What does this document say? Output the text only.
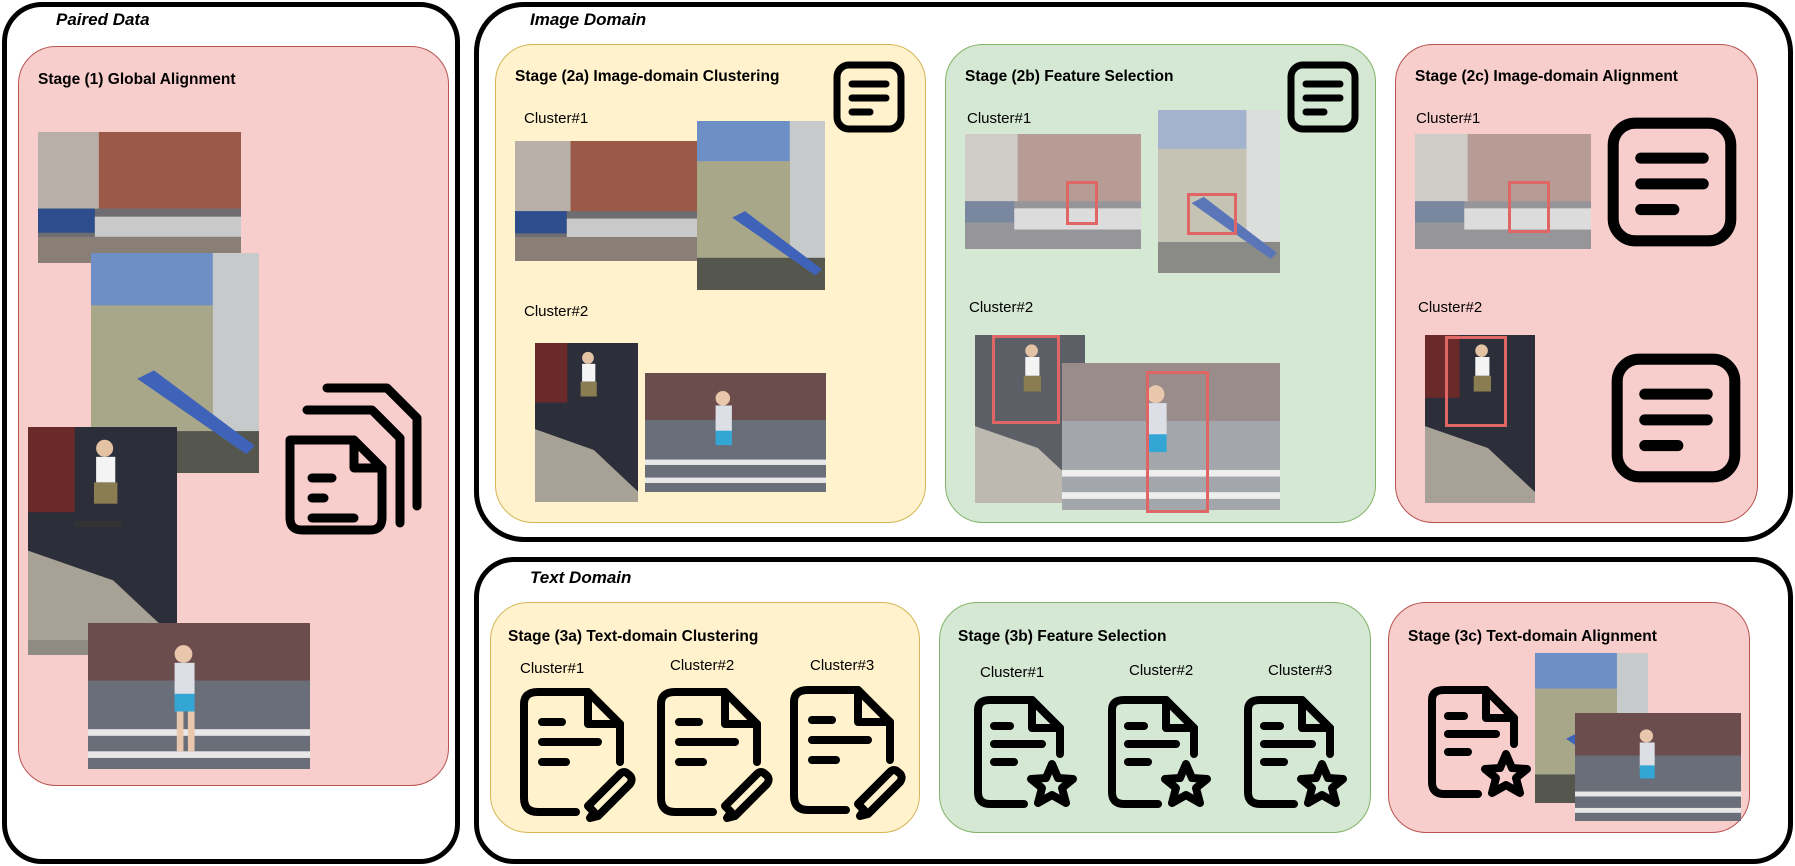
Paired Data
Stage (1) Global Alignment
Image Domain
Stage (2a) Image-domain Clustering
Cluster#1
Cluster#2
Stage (2b) Feature Selection
Cluster#1
Cluster#2
Stage (2c) Image-domain Alignment
Cluster#1
Cluster#2
Text Domain
Stage (3a) Text-domain Clustering
Cluster#1	Cluster#2	Cluster#3
Stage (3b) Feature Selection
Cluster#1	Cluster#2	Cluster#3
Stage (3c) Text-domain Alignment
